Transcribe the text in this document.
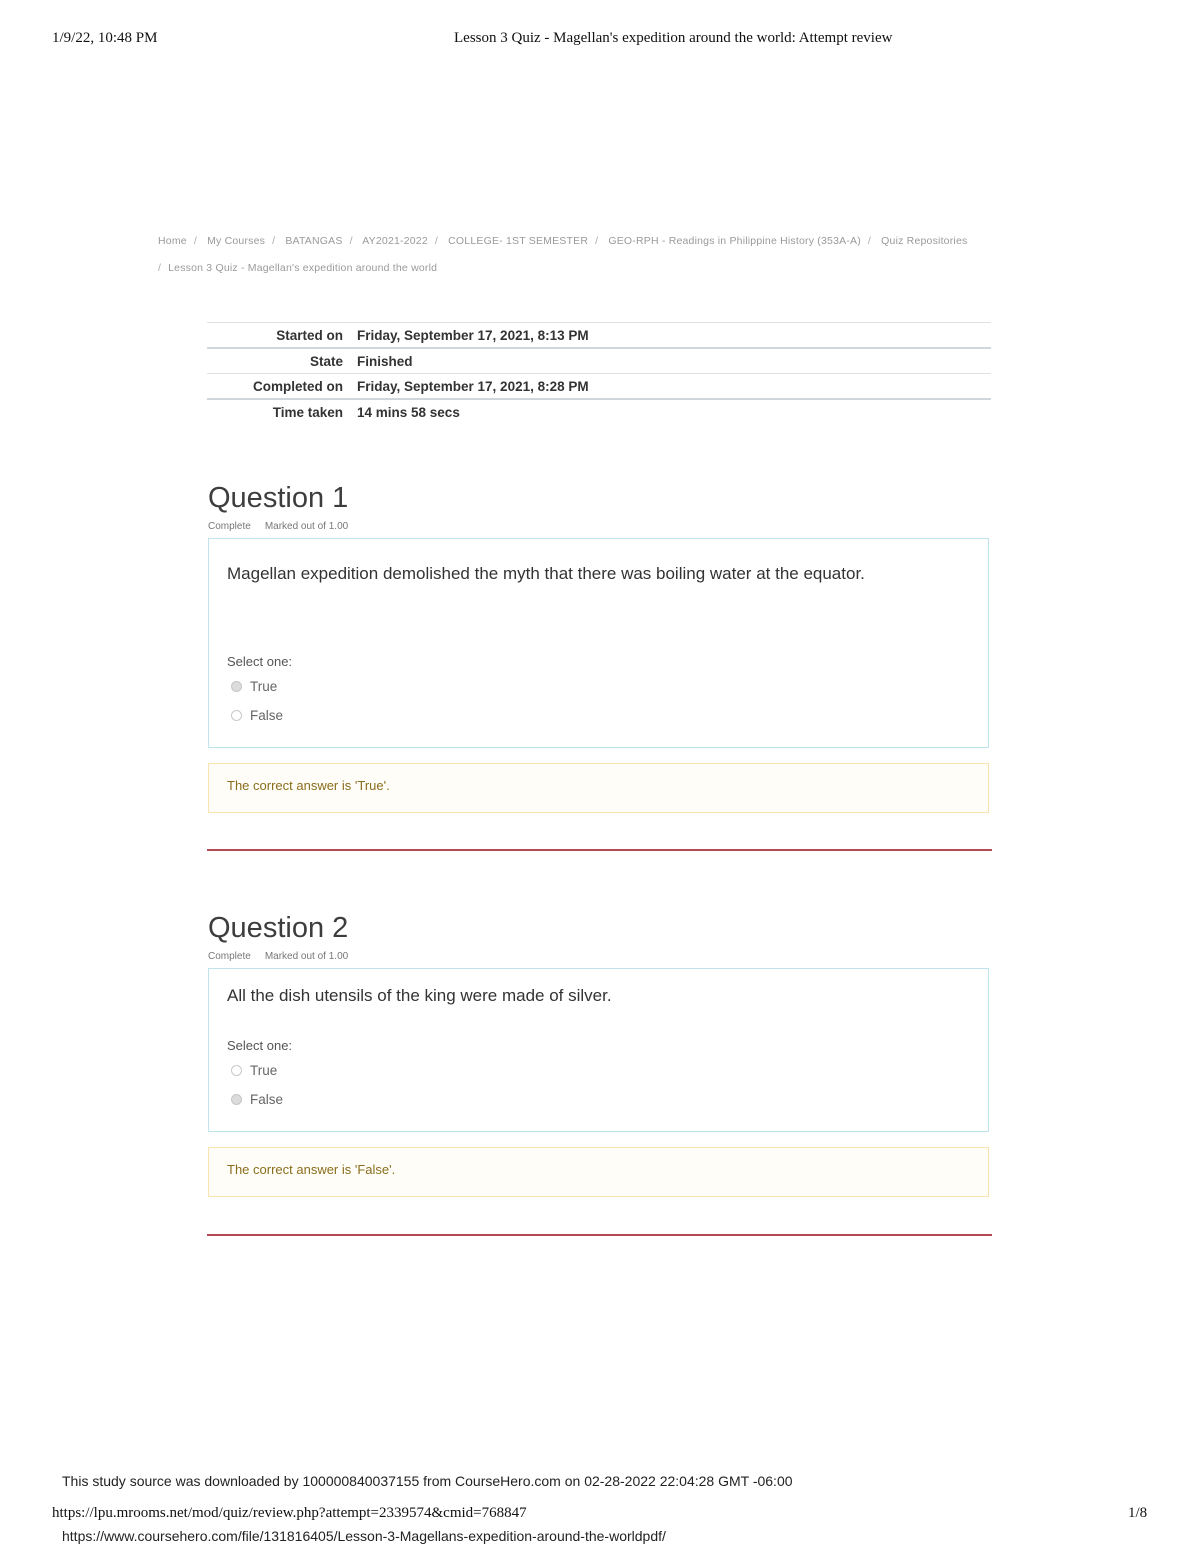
1/9/22, 10:48 PM	Lesson 3 Quiz - Magellan's expedition around the world: Attempt review
Home / My Courses / BATANGAS / AY2021-2022 / COLLEGE- 1ST SEMESTER / GEO-RPH - Readings in Philippine History (353A-A) / Quiz Repositories
/ Lesson 3 Quiz - Magellan's expedition around the world
Started on	Friday, September 17, 2021, 8:13 PM
State	Finished
Completed on	Friday, September 17, 2021, 8:28 PM
Time taken	14 mins 58 secs
Question 1
Complete Marked out of 1.00
Magellan expedition demolished the myth that there was boiling water at the equator.
Select one:
True
False
The correct answer is 'True'.
Question 2
Complete Marked out of 1.00
All the dish utensils of the king were made of silver.
Select one:
True
False
The correct answer is 'False'.
This study source was downloaded by 100000840037155 from CourseHero.com on 02-28-2022 22:04:28 GMT -06:00
https://lpu.mrooms.net/mod/quiz/review.php?attempt=2339574&cmid=768847	1/8
https://www.coursehero.com/file/131816405/Lesson-3-Magellans-expedition-around-the-worldpdf/
